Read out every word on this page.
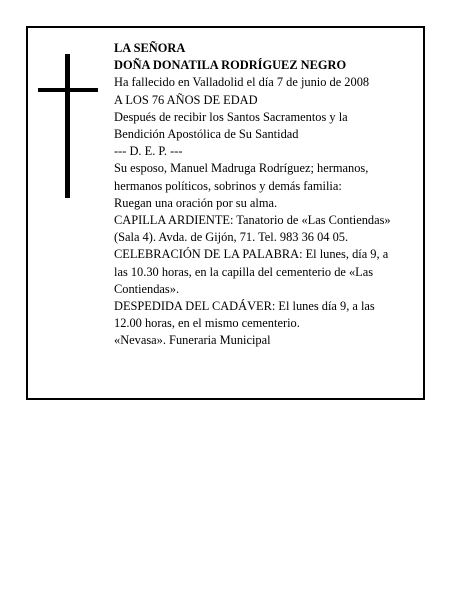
LA SEÑORA

DOÑA DONATILA RODRÍGUEZ NEGRO

Ha fallecido en Valladolid el día 7 de junio de 2008

A LOS 76 AÑOS DE EDAD

Después de recibir los Santos Sacramentos y la

Bendición Apostólica de Su Santidad

--- D. E. P. ---

Su esposo, Manuel Madruga Rodríguez; hermanos,

hermanos políticos, sobrinos y demás familia:

Ruegan una oración por su alma.

CAPILLA ARDIENTE: Tanatorio de «Las Contiendas»

(Sala 4). Avda. de Gijón, 71. Tel. 983 36 04 05.

CELEBRACIÓN DE LA PALABRA: El lunes, día 9, a

las 10.30 horas, en la capilla del cementerio de «Las

Contiendas».

DESPEDIDA DEL CADÁVER: El lunes día 9, a las

12.00 horas, en el mismo cementerio.

«Nevasa». Funeraria Municipal
